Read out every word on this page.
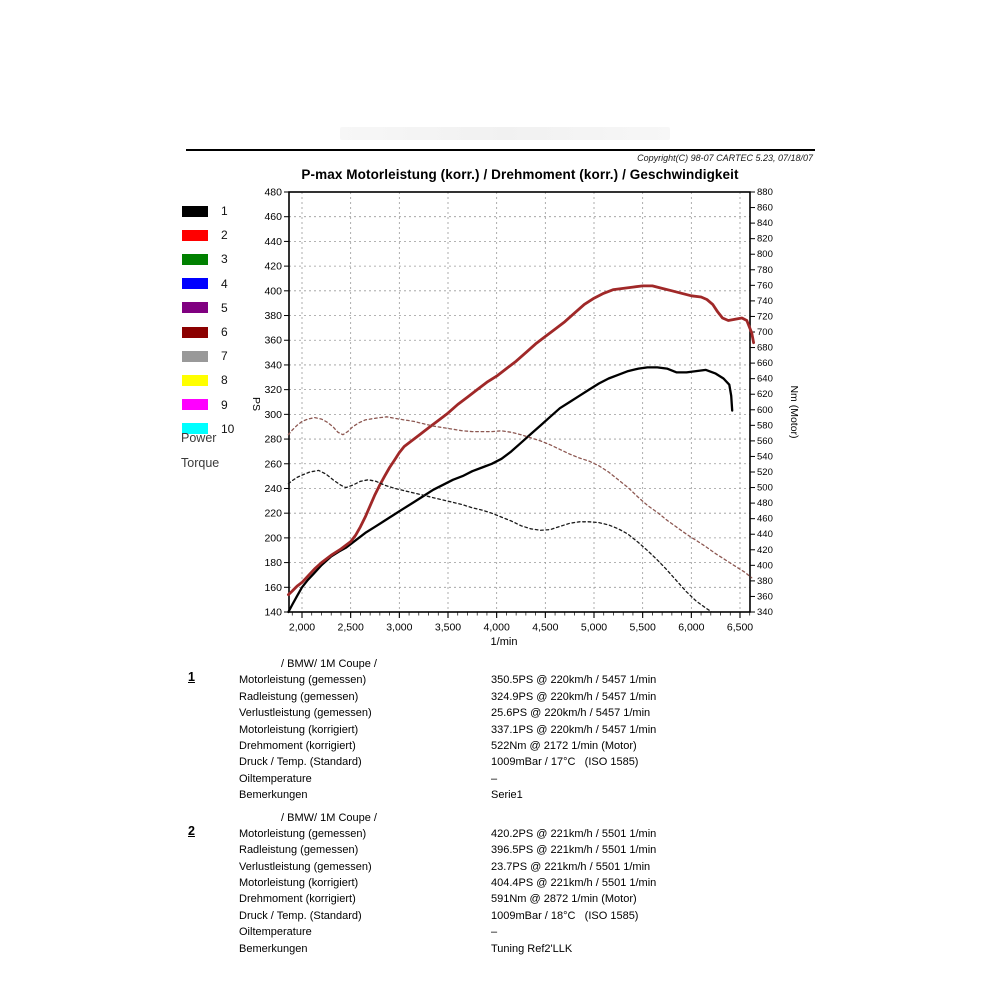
Copyright(C) 98-07 CARTEC 5.23, 07/18/07
P-max Motorleistung (korr.) / Drehmoment (korr.) / Geschwindigkeit
1
2
3
4
5
6
7
8
9
10
Power
Torque
2,000 2,500 3,000 3,500 4,000 4,500 5,000 5,500 6,000 6,500
480
460
440
420
400
380
360
340
320
300
280
260
240
220
200
180
160
140
880
860
840
820
800
780
760
740
720
700
680
660
640
620
600
580
560
540
520
500
480
460
440
420
400
380
360
340
PS	Nm (Motor)
1/min
1
/ BMW/ 1M Coupe /
Motorleistung (gemessen)	350.5PS @ 220km/h / 5457 1/min
Radleistung (gemessen)	324.9PS @ 220km/h / 5457 1/min
Verlustleistung (gemessen)	25.6PS @ 220km/h / 5457 1/min
Motorleistung (korrigiert)	337.1PS @ 220km/h / 5457 1/min
Drehmoment (korrigiert)	522Nm @ 2172 1/min (Motor)
Druck / Temp. (Standard)	1009mBar / 17°C   (ISO 1585)
Oiltemperature	–
Bemerkungen	Serie1
2
/ BMW/ 1M Coupe /
Motorleistung (gemessen)	420.2PS @ 221km/h / 5501 1/min
Radleistung (gemessen)	396.5PS @ 221km/h / 5501 1/min
Verlustleistung (gemessen)	23.7PS @ 221km/h / 5501 1/min
Motorleistung (korrigiert)	404.4PS @ 221km/h / 5501 1/min
Drehmoment (korrigiert)	591Nm @ 2872 1/min (Motor)
Druck / Temp. (Standard)	1009mBar / 18°C   (ISO 1585)
Oiltemperature	–
Bemerkungen	Tuning Ref2'LLK
